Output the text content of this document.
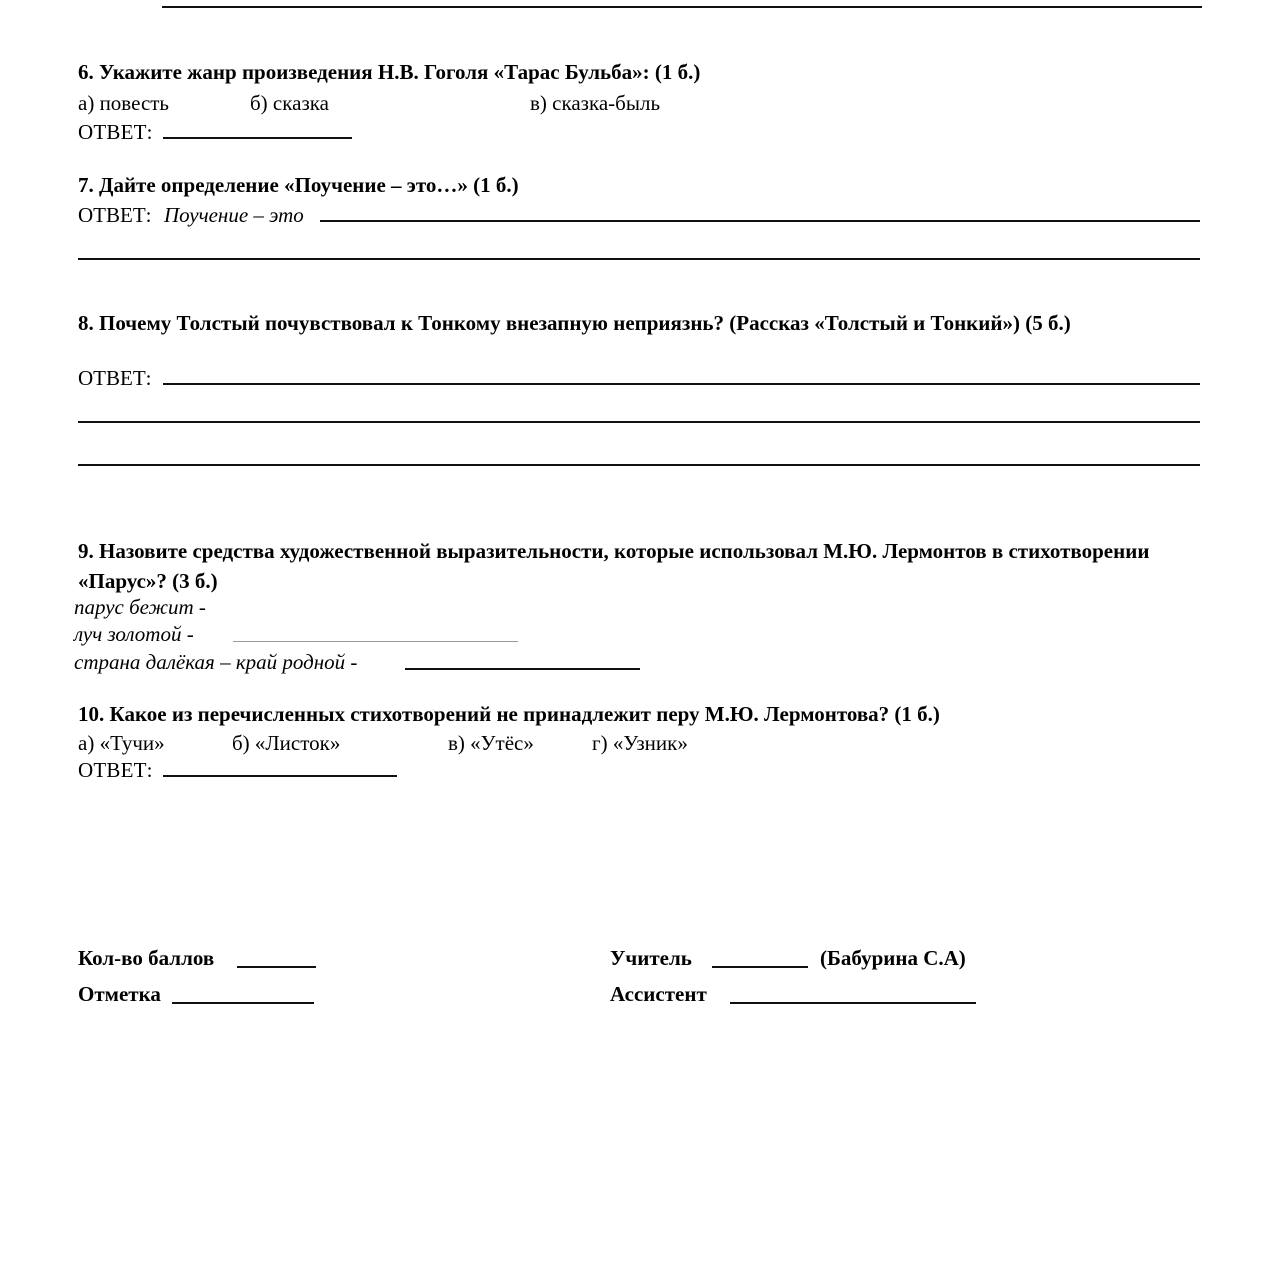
6. Укажите жанр произведения Н.В. Гоголя «Тарас Бульба»: (1 б.)
а) повесть	б) сказка	в) сказка-быль
ОТВЕТ:
7. Дайте определение «Поучение – это…» (1 б.)
ОТВЕТ: Поучение – это
8. Почему Толстый почувствовал к Тонкому внезапную неприязнь? (Рассказ «Толстый и Тонкий») (5 б.)
ОТВЕТ:
9. Назовите средства художественной выразительности, которые использовал М.Ю. Лермонтов в стихотворении «Парус»? (3 б.)
парус бежит -
луч золотой -
страна далёкая – край родной -
10. Какое из перечисленных стихотворений не принадлежит перу М.Ю. Лермонтова? (1 б.)
а) «Тучи»	б) «Листок»	в) «Утёс»	г) «Узник»
ОТВЕТ:
Кол-во баллов
Отметка
Учитель	(Бабурина С.А)
Ассистент
